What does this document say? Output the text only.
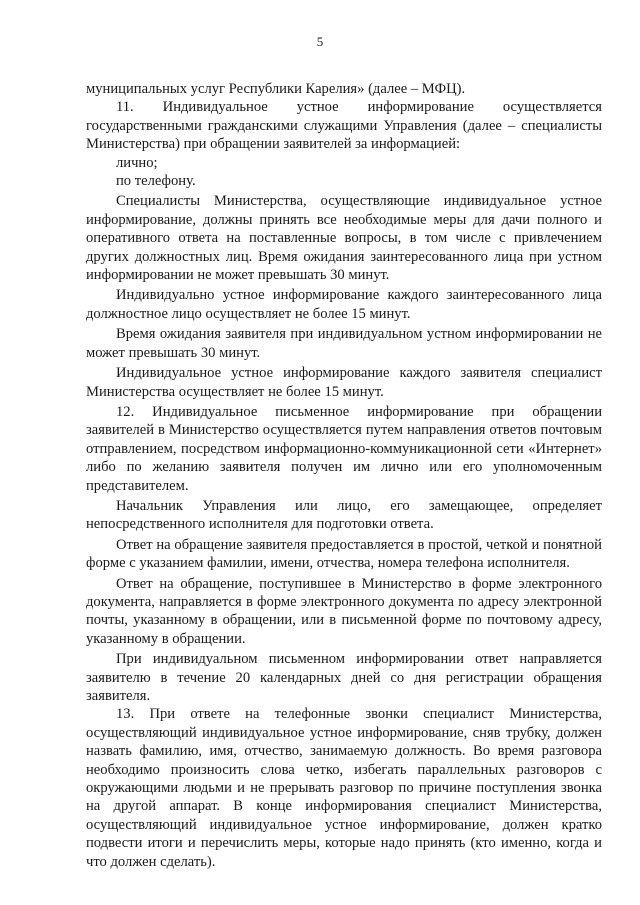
5

муниципальных услуг Республики Карелия» (далее – МФЦ).

11. Индивидуальное устное информирование осуществляется государственными гражданскими служащими Управления (далее – специалисты Министерства) при обращении заявителей за информацией:

лично;

по телефону.

Специалисты Министерства, осуществляющие индивидуальное устное информирование, должны принять все необходимые меры для дачи полного и оперативного ответа на поставленные вопросы, в том числе с привлечением других должностных лиц. Время ожидания заинтересованного лица при устном информировании не может превышать 30 минут.

Индивидуально устное информирование каждого заинтересованного лица должностное лицо осуществляет не более 15 минут.

Время ожидания заявителя при индивидуальном устном информировании не может превышать 30 минут.

Индивидуальное устное информирование каждого заявителя специалист Министерства осуществляет не более 15 минут.

12. Индивидуальное письменное информирование при обращении заявителей в Министерство осуществляется путем направления ответов почтовым отправлением, посредством информационно-коммуникационной сети «Интернет» либо по желанию заявителя получен им лично или его уполномоченным представителем.

Начальник Управления или лицо, его замещающее, определяет непосредственного исполнителя для подготовки ответа.

Ответ на обращение заявителя предоставляется в простой, четкой и понятной форме с указанием фамилии, имени, отчества, номера телефона исполнителя.

Ответ на обращение, поступившее в Министерство в форме электронного документа, направляется в форме электронного документа по адресу электронной почты, указанному в обращении, или в письменной форме по почтовому адресу, указанному в обращении.

При индивидуальном письменном информировании ответ направляется заявителю в течение 20 календарных дней со дня регистрации обращения заявителя.

13. При ответе на телефонные звонки специалист Министерства, осуществляющий индивидуальное устное информирование, сняв трубку, должен назвать фамилию, имя, отчество, занимаемую должность. Во время разговора необходимо произносить слова четко, избегать параллельных разговоров с окружающими людьми и не прерывать разговор по причине поступления звонка на другой аппарат. В конце информирования специалист Министерства, осуществляющий индивидуальное устное информирование, должен кратко подвести итоги и перечислить меры, которые надо принять (кто именно, когда и что должен сделать).
